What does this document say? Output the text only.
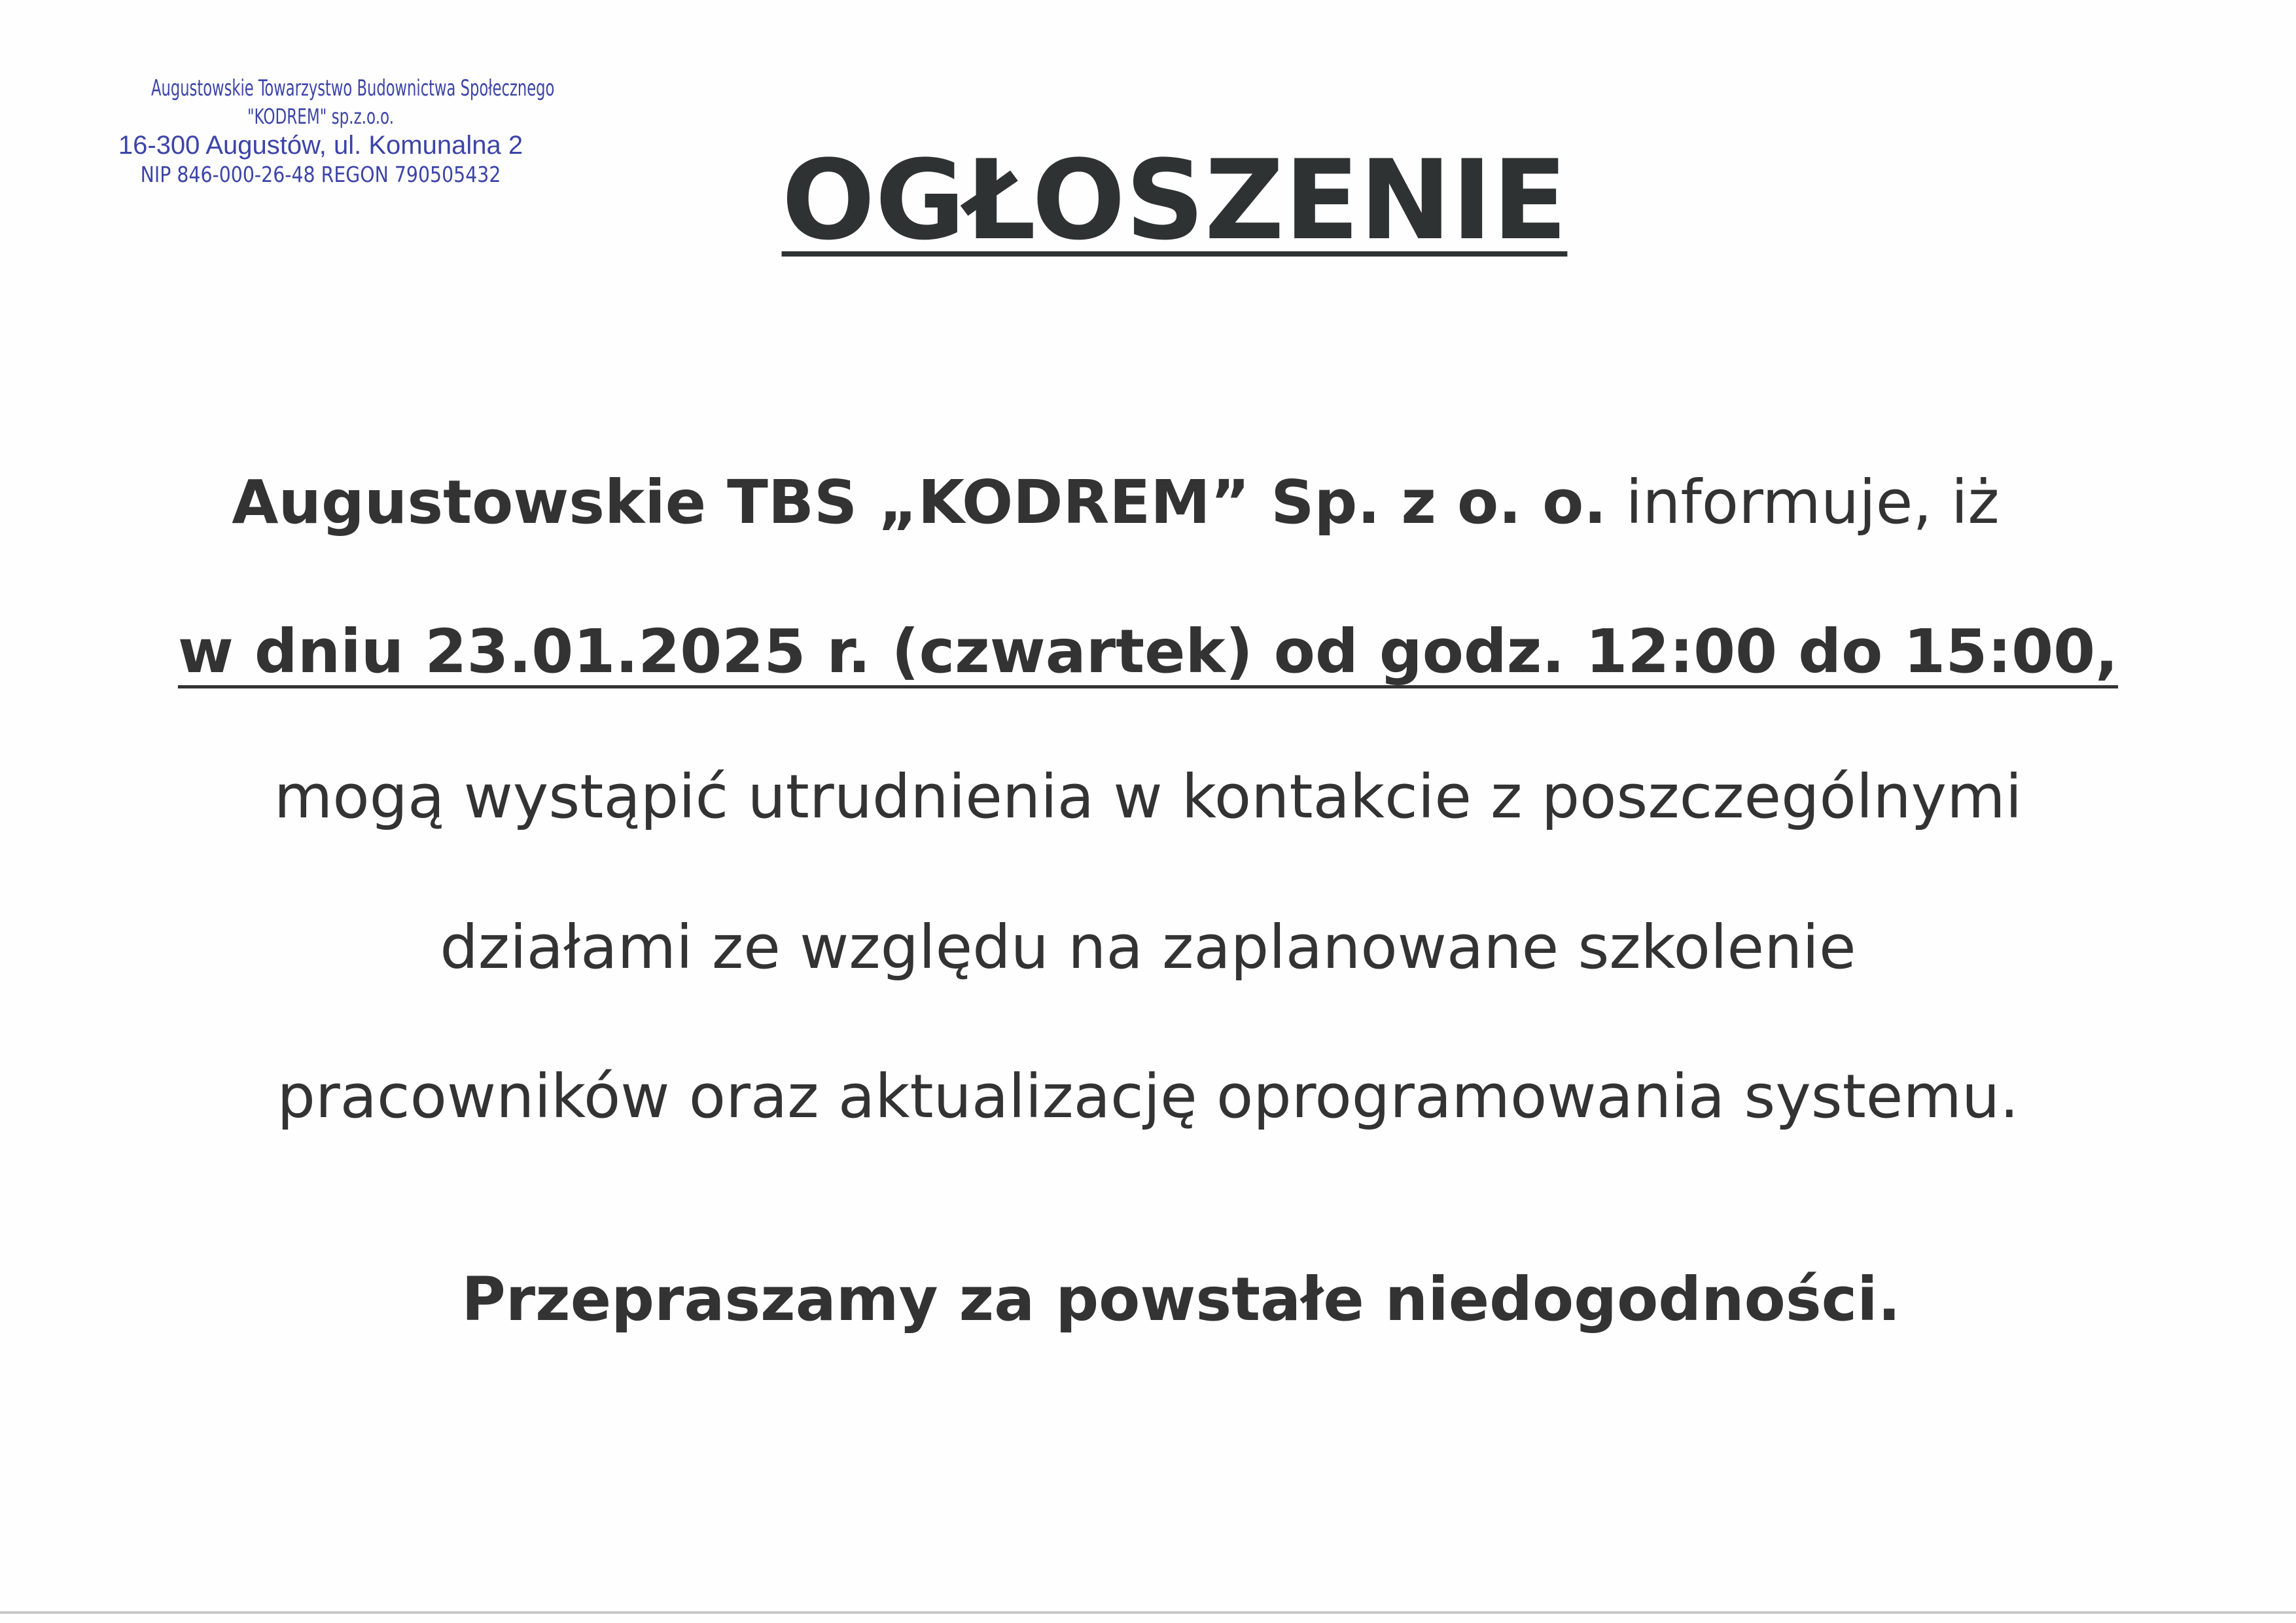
Augustowskie Towarzystwo Budownictwa Społecznego
"KODREM" sp.z.o.o.
16-300 Augustów, ul. Komunalna 2
NIP 846-000-26-48 REGON 790505432	OGŁOSZENIE
Augustowskie TBS „KODREM” Sp. z o. o. informuje, iż
w dniu 23.01.2025 r. (czwartek) od godz. 12:00 do 15:00,
mogą wystąpić utrudnienia w kontakcie z poszczególnymi
działami ze względu na zaplanowane szkolenie
pracowników oraz aktualizację oprogramowania systemu.
Przepraszamy za powstałe niedogodności.
